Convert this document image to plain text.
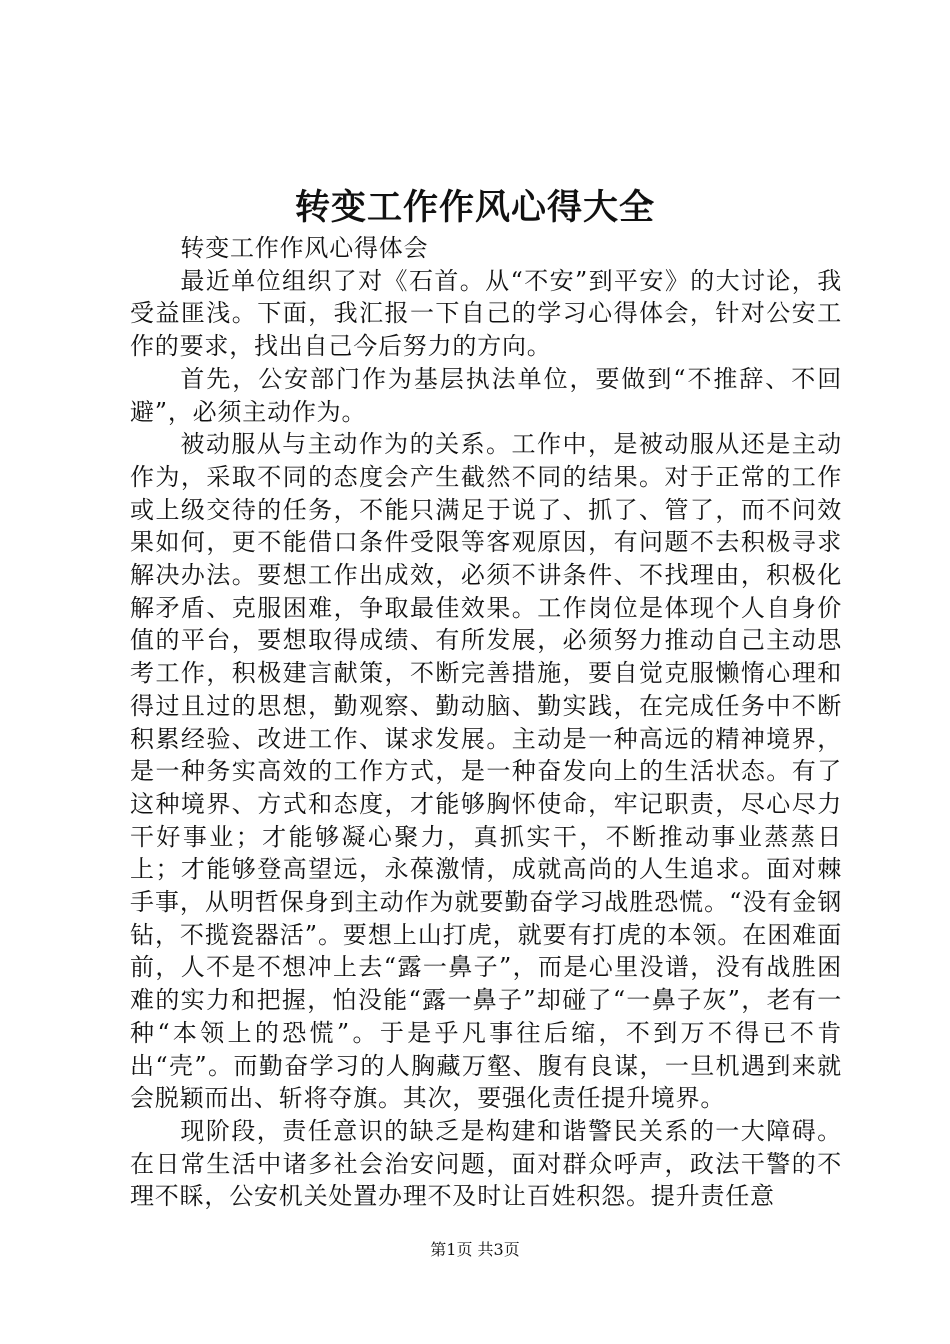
转变工作作风心得大全

转变工作作风心得体会

最近单位组织了对《石首。从“不安”到平安》的大讨论，我受益匪浅。下面，我汇报一下自己的学习心得体会，针对公安工作的要求，找出自己今后努力的方向。

首先，公安部门作为基层执法单位，要做到“不推辞、不回避”，必须主动作为。

被动服从与主动作为的关系。工作中，是被动服从还是主动作为，采取不同的态度会产生截然不同的结果。对于正常的工作或上级交待的任务，不能只满足于说了、抓了、管了，而不问效果如何，更不能借口条件受限等客观原因，有问题不去积极寻求解决办法。要想工作出成效，必须不讲条件、不找理由，积极化解矛盾、克服困难，争取最佳效果。工作岗位是体现个人自身价值的平台，要想取得成绩、有所发展，必须努力推动自己主动思考工作，积极建言献策，不断完善措施，要自觉克服懒惰心理和得过且过的思想，勤观察、勤动脑、勤实践，在完成任务中不断积累经验、改进工作、谋求发展。主动是一种高远的精神境界，是一种务实高效的工作方式，是一种奋发向上的生活状态。有了这种境界、方式和态度，才能够胸怀使命，牢记职责，尽心尽力干好事业；才能够凝心聚力，真抓实干，不断推动事业蒸蒸日上；才能够登高望远，永葆激情，成就高尚的人生追求。面对棘手事，从明哲保身到主动作为就要勤奋学习战胜恐慌。“没有金钢钻，不揽瓷器活”。要想上山打虎，就要有打虎的本领。在困难面前，人不是不想冲上去“露一鼻子”，而是心里没谱，没有战胜困难的实力和把握，怕没能“露一鼻子”却碰了“一鼻子灰”，老有一种“本领上的恐慌”。于是乎凡事往后缩，不到万不得已不肯出“壳”。而勤奋学习的人胸藏万壑、腹有良谋，一旦机遇到来就会脱颖而出、斩将夺旗。其次，要强化责任提升境界。

现阶段，责任意识的缺乏是构建和谐警民关系的一大障碍。在日常生活中诸多社会治安问题，面对群众呼声，政法干警的不理不睬，公安机关处置办理不及时让百姓积怨。提升责任意

第1页 共3页
